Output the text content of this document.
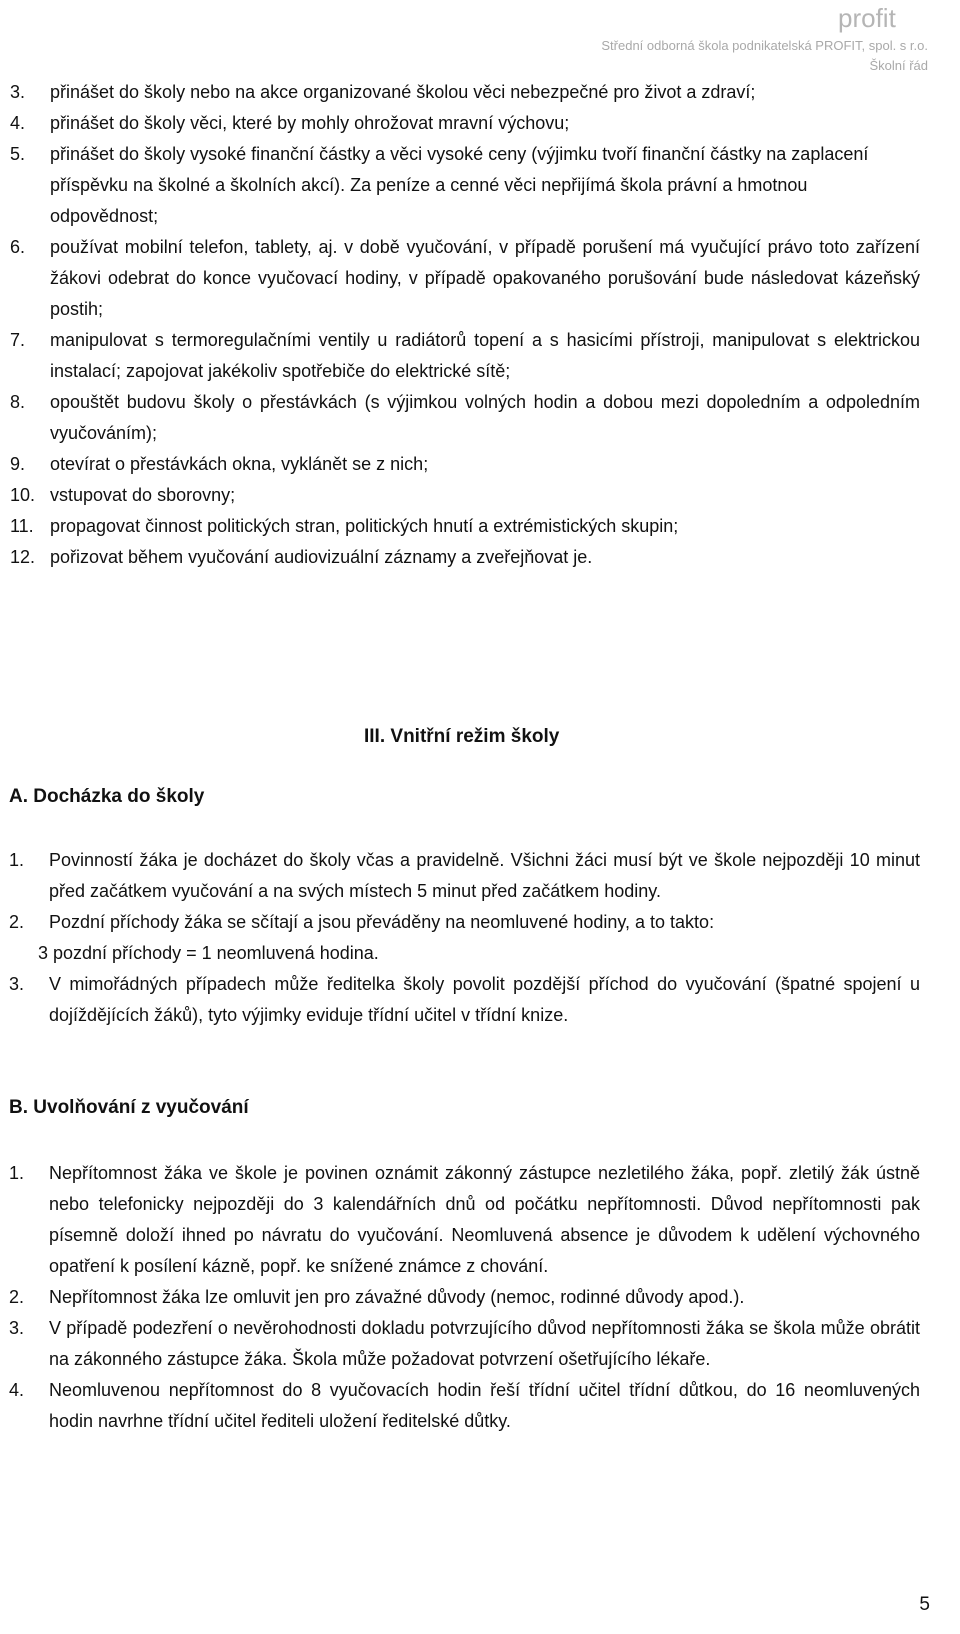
profit
Střední odborná škola podnikatelská PROFIT, spol. s r.o.
Školní řád
3. přinášet do školy nebo na akce organizované školou věci nebezpečné pro život a zdraví;
4. přinášet do školy věci, které by mohly ohrožovat mravní výchovu;
5. přinášet do školy vysoké finanční částky a věci vysoké ceny (výjimku tvoří finanční částky na zaplacení příspěvku na školné a školních akcí). Za peníze a cenné věci nepřijímá škola právní a hmotnou odpovědnost;
6. používat mobilní telefon, tablety, aj. v době vyučování, v případě porušení má vyučující právo toto zařízení žákovi odebrat do konce vyučovací hodiny, v případě opakovaného porušování bude následovat kázeňský postih;
7. manipulovat s termoregulačními ventily u radiátorů topení a s hasicími přístroji, manipulovat s elektrickou instalací; zapojovat jakékoliv spotřebiče do elektrické sítě;
8. opouštět budovu školy o přestávkách (s výjimkou volných hodin a dobou mezi dopoledním a odpoledním vyučováním);
9. otevírat o přestávkách okna, vyklánět se z nich;
10. vstupovat do sborovny;
11. propagovat činnost politických stran, politických hnutí a extrémistických skupin;
12. pořizovat během vyučování audiovizuální záznamy a zveřejňovat je.
III. Vnitřní režim školy
A. Docházka do školy
1. Povinností žáka je docházet do školy včas a pravidelně. Všichni žáci musí být ve škole nejpozději 10 minut před začátkem vyučování a na svých místech 5 minut před začátkem hodiny.
2. Pozdní příchody žáka se sčítají a jsou převáděny na neomluvené hodiny, a to takto:
3 pozdní příchody = 1 neomluvená hodina.
3. V mimořádných případech může ředitelka školy povolit pozdější příchod do vyučování (špatné spojení u dojíždějících žáků), tyto výjimky eviduje třídní učitel v třídní knize.
B. Uvolňování z vyučování
1. Nepřítomnost žáka ve škole je povinen oznámit zákonný zástupce nezletilého žáka, popř. zletilý žák ústně nebo telefonicky nejpozději do 3 kalendářních dnů od počátku nepřítomnosti. Důvod nepřítomnosti pak písemně doloží ihned po návratu do vyučování. Neomluvená absence je důvodem k udělení výchovného opatření k posílení kázně, popř. ke snížené známce z chování.
2. Nepřítomnost žáka lze omluvit jen pro závažné důvody (nemoc, rodinné důvody apod.).
3. V případě podezření o nevěrohodnosti dokladu potvrzujícího důvod nepřítomnosti žáka se škola může obrátit na zákonného zástupce žáka. Škola může požadovat potvrzení ošetřujícího lékaře.
4. Neomluvenou nepřítomnost do 8 vyučovacích hodin řeší třídní učitel třídní důtkou, do 16 neomluvených hodin navrhne třídní učitel řediteli uložení ředitelské důtky.
5
